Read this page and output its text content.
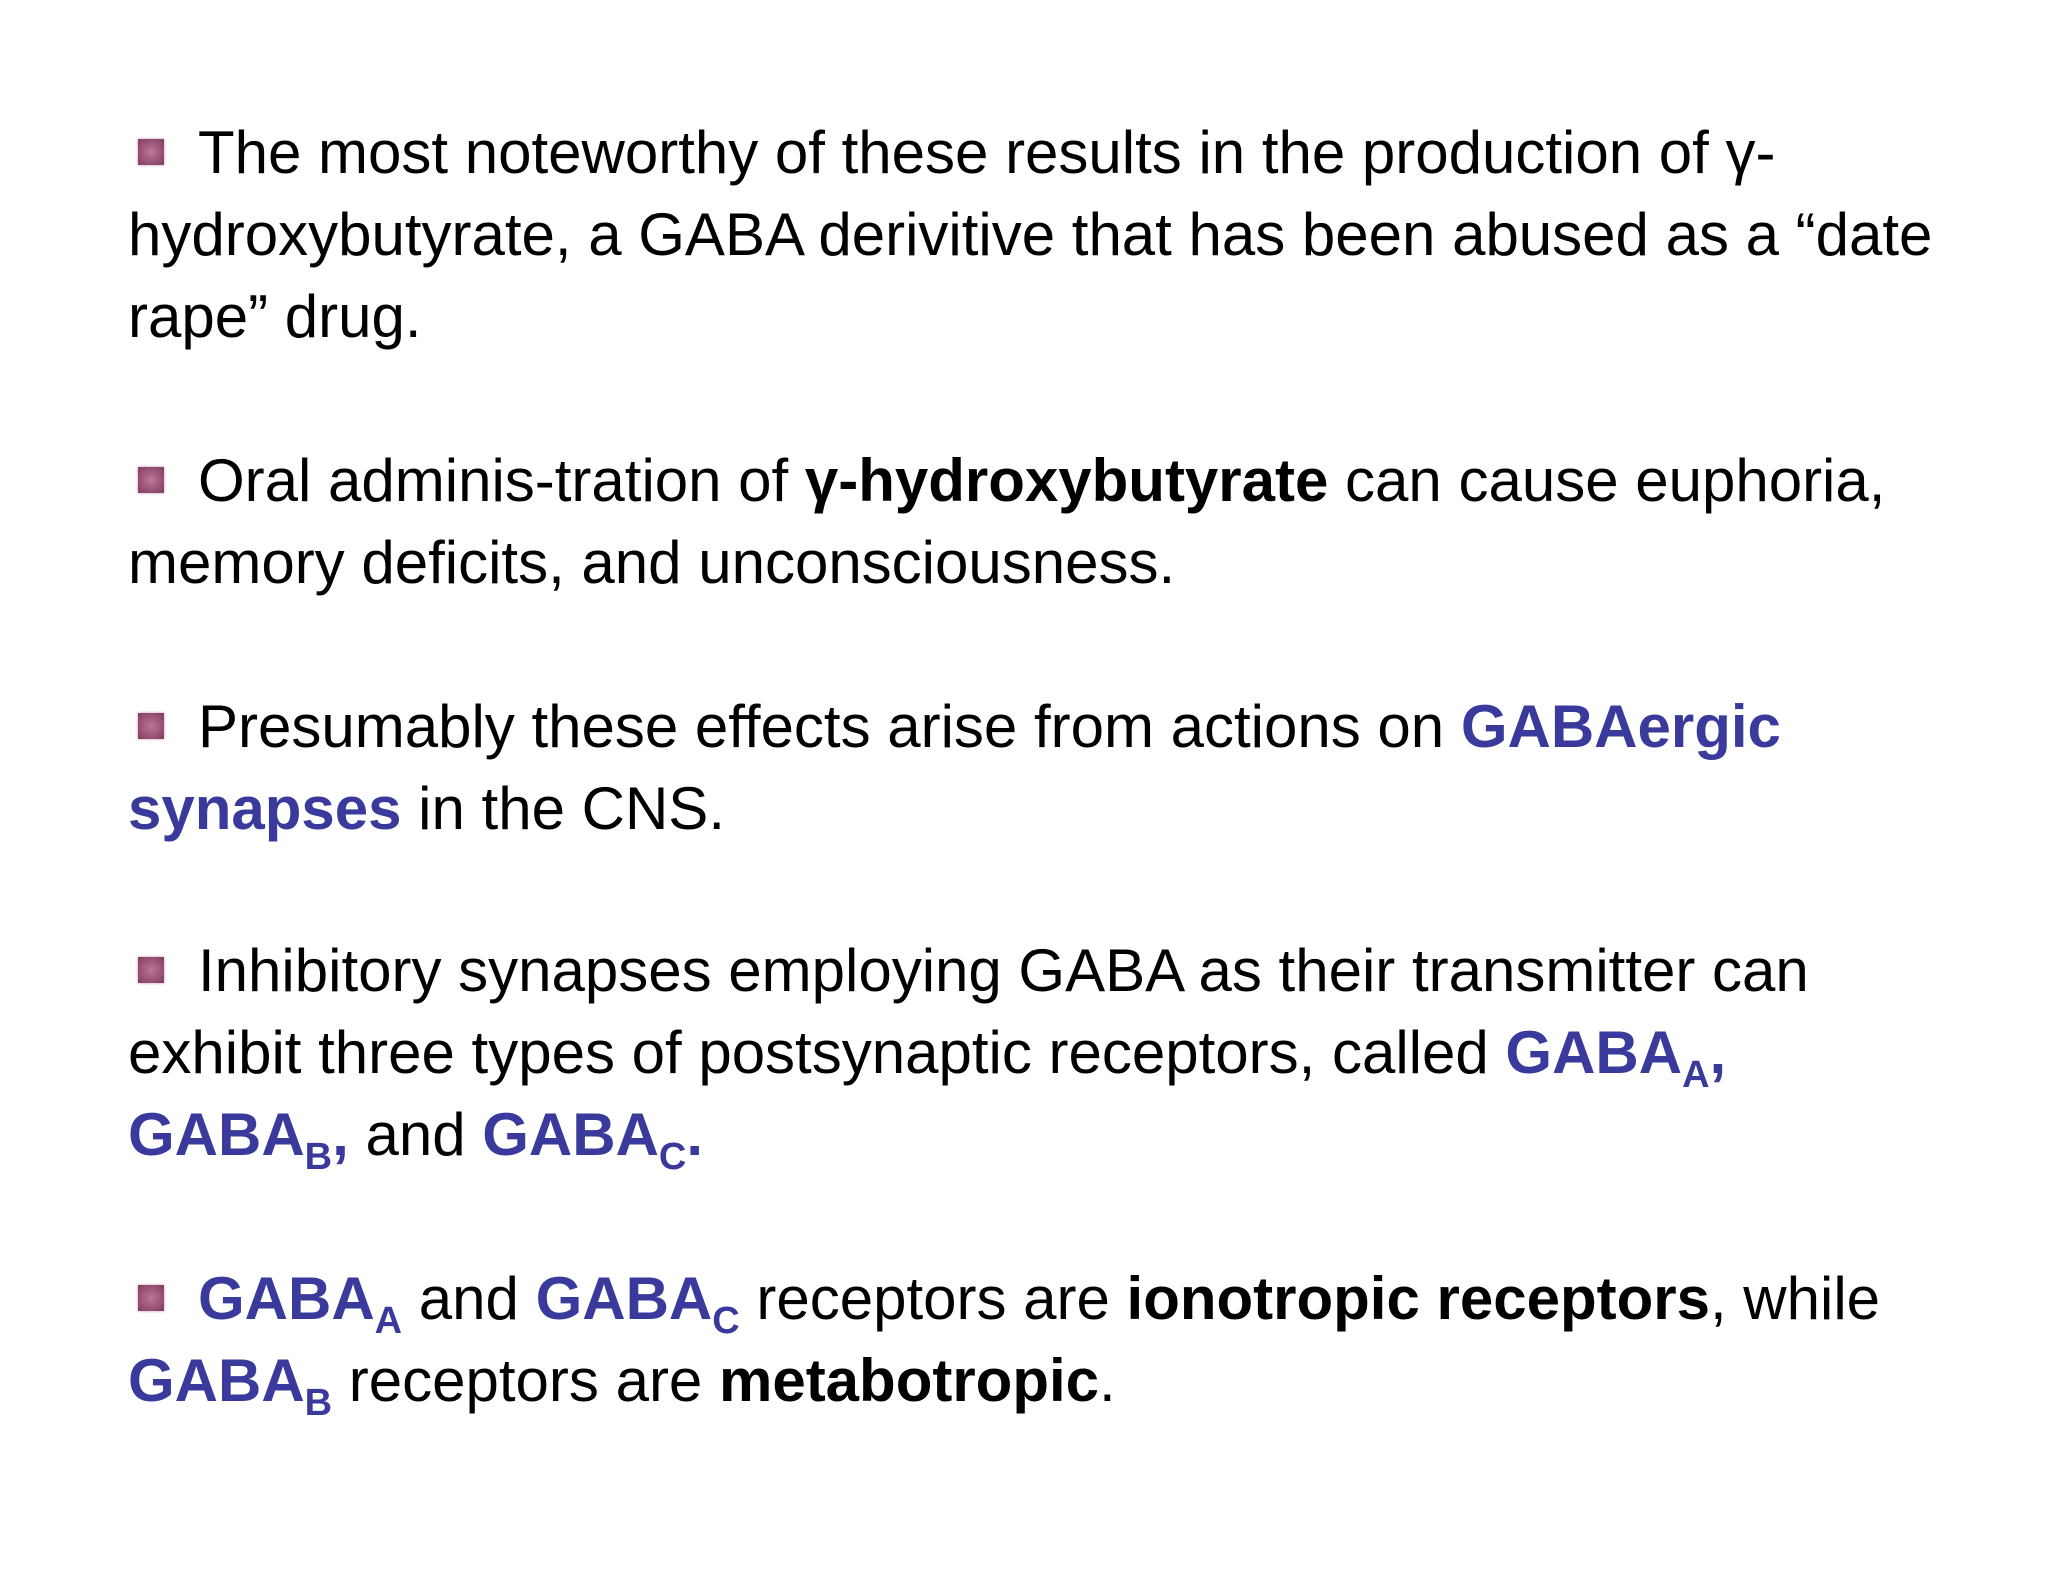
The most noteworthy of these results in the production of γ-hydroxybutyrate, a GABA derivitive that has been abused as a “date rape” drug.

Oral adminis-tration of γ-hydroxybutyrate can cause euphoria, memory deficits, and unconsciousness.

Presumably these effects arise from actions on GABAergic synapses in the CNS.

Inhibitory synapses employing GABA as their transmitter can exhibit three types of postsynaptic receptors, called $GABA_A$, $GABA_B$, and $GABA_C$.

$GABA_A$ and $GABA_C$ receptors are ionotropic receptors, while $GABA_B$ receptors are metabotropic.
